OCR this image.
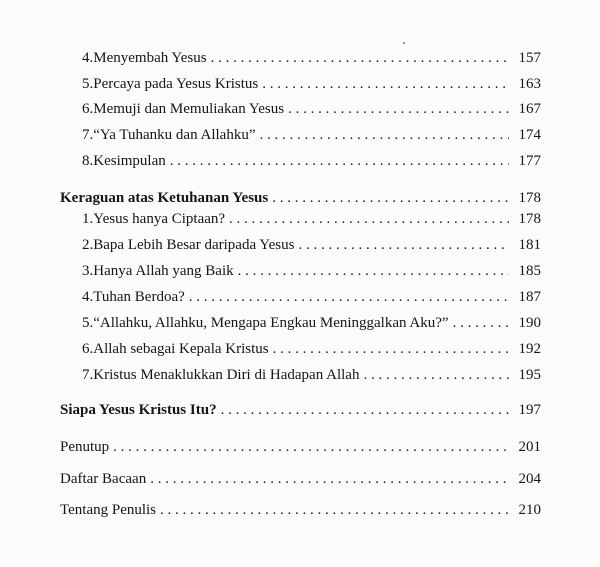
4. Menyembah Yesus . . .	157
5. Percaya pada Yesus Kristus . . .	163
6. Memuji dan Memuliakan Yesus . . .	167
7. “Ya Tuhanku dan Allahku” . . .	174
8. Kesimpulan . . .	177
Keraguan atas Ketuhanan Yesus . . .	178
1. Yesus hanya Ciptaan? . . .	178
2. Bapa Lebih Besar daripada Yesus . . .	181
3. Hanya Allah yang Baik . . .	185
4. Tuhan Berdoa? . . .	187
5. “Allahku, Allahku, Mengapa Engkau Meninggalkan Aku?” . . .	190
6. Allah sebagai Kepala Kristus . . .	192
7. Kristus Menaklukkan Diri di Hadapan Allah . . .	195
Siapa Yesus Kristus Itu? . . .	197
Penutup . . .	201
Daftar Bacaan . . .	204
Tentang Penulis . . .	210
